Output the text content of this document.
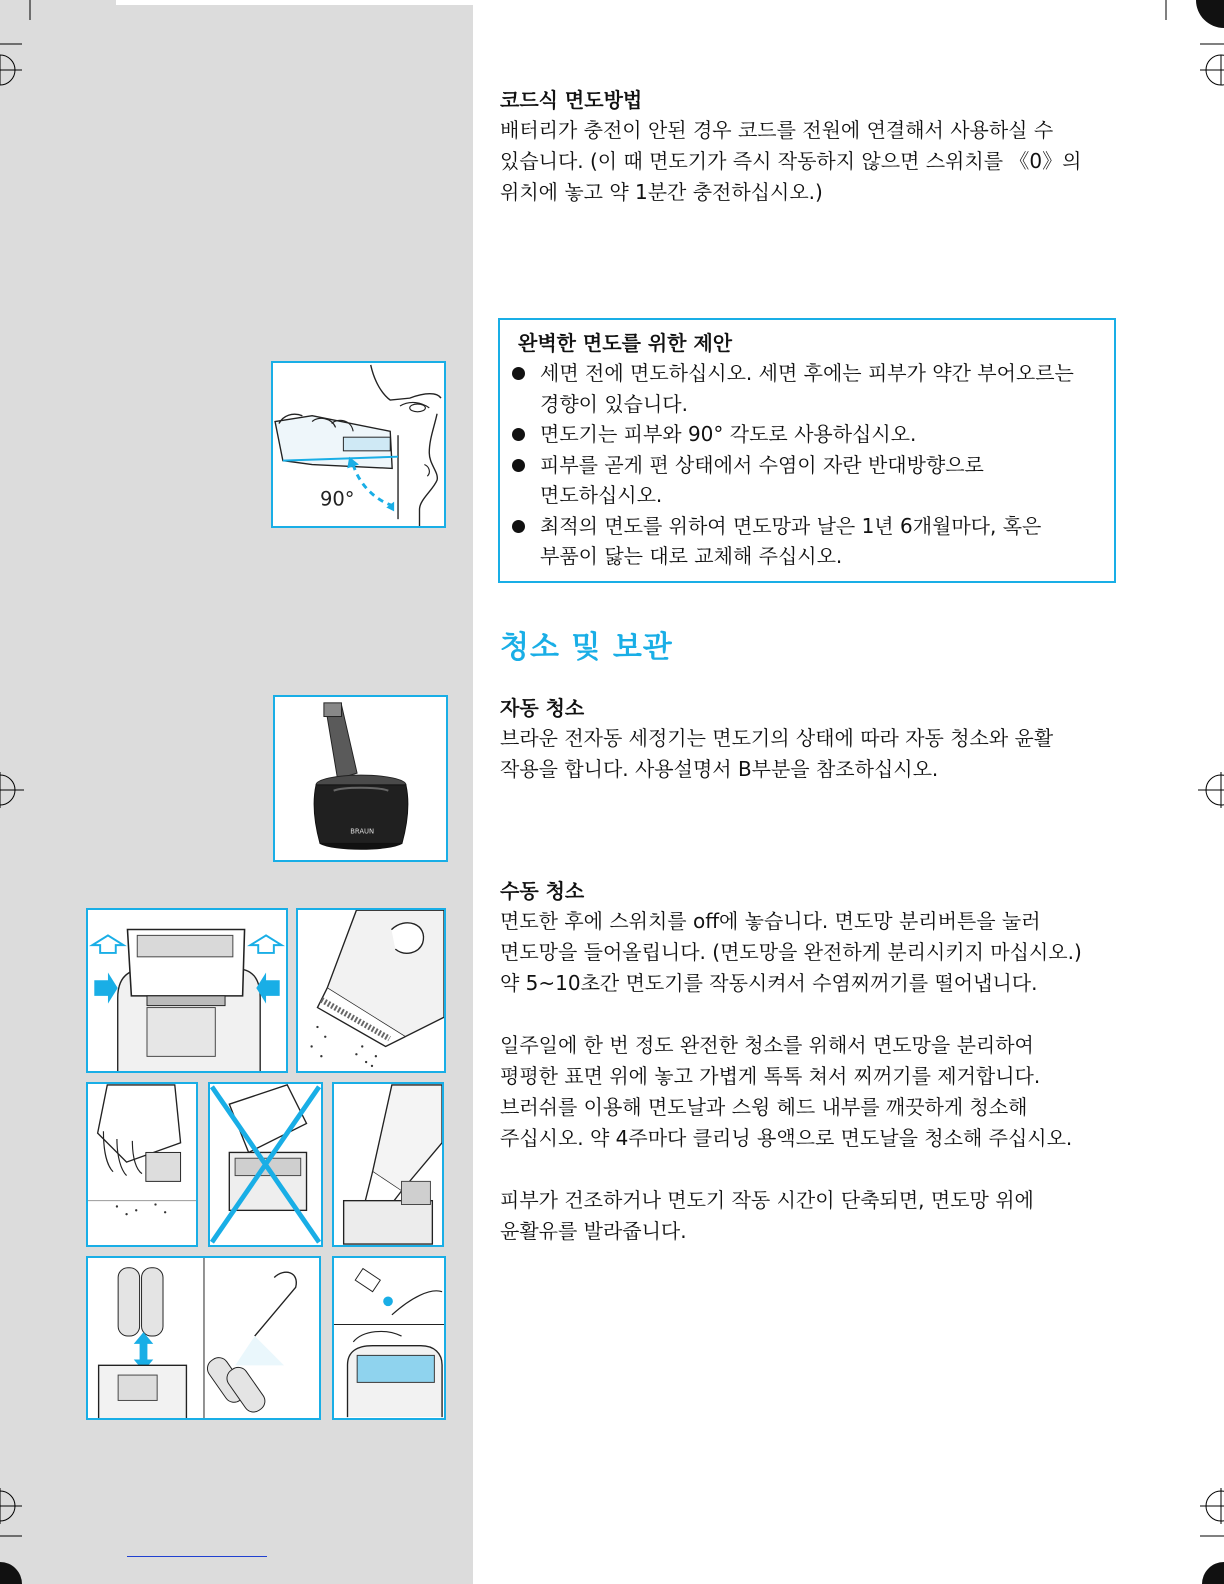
90°
BRAUN

코드식 면도방법

배터리가 충전이 안된 경우 코드를 전원에 연결해서 사용하실 수

있습니다. (이 때 면도기가 즉시 작동하지 않으면 스위치를 《0》의

위치에 놓고 약 1분간 충전하십시오.)

완벽한 면도를 위한 제안

세면 전에 면도하십시오. 세면 후에는 피부가 약간 부어오르는
경향이 있습니다.
면도기는 피부와 90° 각도로 사용하십시오.
피부를 곧게 편 상태에서 수염이 자란 반대방향으로
면도하십시오.
최적의 면도를 위하여 면도망과 날은 1년 6개월마다, 혹은
부품이 닳는 대로 교체해 주십시오.
청소 및 보관

자동 청소

브라운 전자동 세정기는 면도기의 상태에 따라 자동 청소와 윤활

작용을 합니다. 사용설명서 B부분을 참조하십시오.

수동 청소

면도한 후에 스위치를 off에 놓습니다. 면도망 분리버튼을 눌러

면도망을 들어올립니다. (면도망을 완전하게 분리시키지 마십시오.)

약 5~10초간 면도기를 작동시켜서 수염찌꺼기를 떨어냅니다.

일주일에 한 번 정도 완전한 청소를 위해서 면도망을 분리하여

평평한 표면 위에 놓고 가볍게 톡톡 쳐서 찌꺼기를 제거합니다.

브러쉬를 이용해 면도날과 스윙 헤드 내부를 깨끗하게 청소해

주십시오. 약 4주마다 클리닝 용액으로 면도날을 청소해 주십시오.

피부가 건조하거나 면도기 작동 시간이 단축되면, 면도망 위에

윤활유를 발라줍니다.
